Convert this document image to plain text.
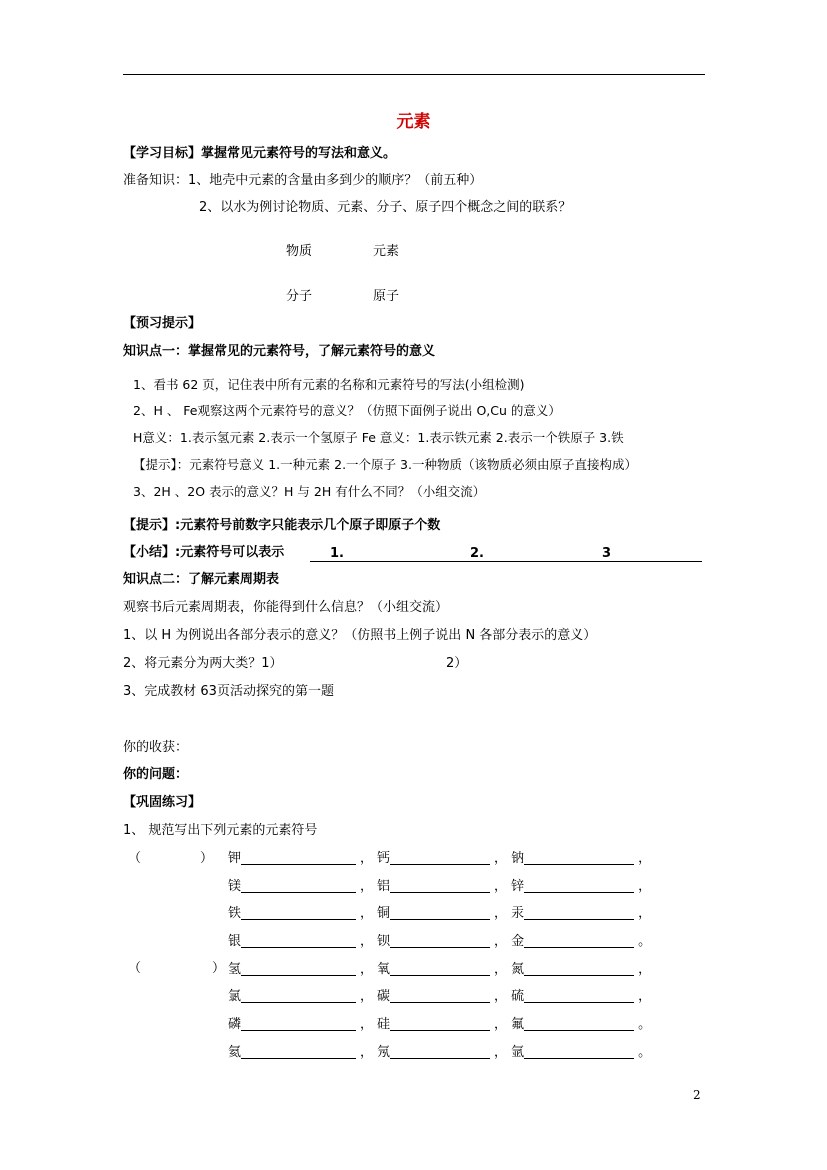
元素
【学习目标】掌握常见元素符号的写法和意义。
准备知识：1、地壳中元素的含量由多到少的顺序？（前五种）
2、以水为例讨论物质、元素、分子、原子四个概念之间的联系？
物质	元素
分子	原子
【预习提示】
知识点一：掌握常见的元素符号，了解元素符号的意义
1、看书 62 页，记住表中所有元素的名称和元素符号的写法(小组检测)
2、H 、 Fe观察这两个元素符号的意义？（仿照下面例子说出 O,Cu 的意义）
H意义：1.表示氢元素 2.表示一个氢原子 Fe 意义：1.表示铁元素 2.表示一个铁原子 3.铁
【提示】：元素符号意义 1.一种元素 2.一个原子 3.一种物质（该物质必须由原子直接构成）
3、2H 、2O 表示的意义？H 与 2H 有什么不同？（小组交流）
【提示】:元素符号前数字只能表示几个原子即原子个数
【小结】:元素符号可以表示	1.	2.	3
知识点二：了解元素周期表
观察书后元素周期表，你能得到什么信息？（小组交流）
1、以 H 为例说出各部分表示的意义？（仿照书上例子说出 N 各部分表示的意义）
2、将元素分为两大类？1）	2）
3、完成教材 63页活动探究的第一题
你的收获：
你的问题：
【巩固练习】
1、 规范写出下列元素的元素符号
（	）
（	）
钾	， 钙	， 钠	，
镁	， 铝	， 锌	，
铁	， 铜	， 汞	，
银	， 钡	， 金	。
氢	， 氧	， 氮	，
氯	， 碳	， 硫	，
磷	， 硅	， 氟	。
氦	， 氖	， 氩	。
2
